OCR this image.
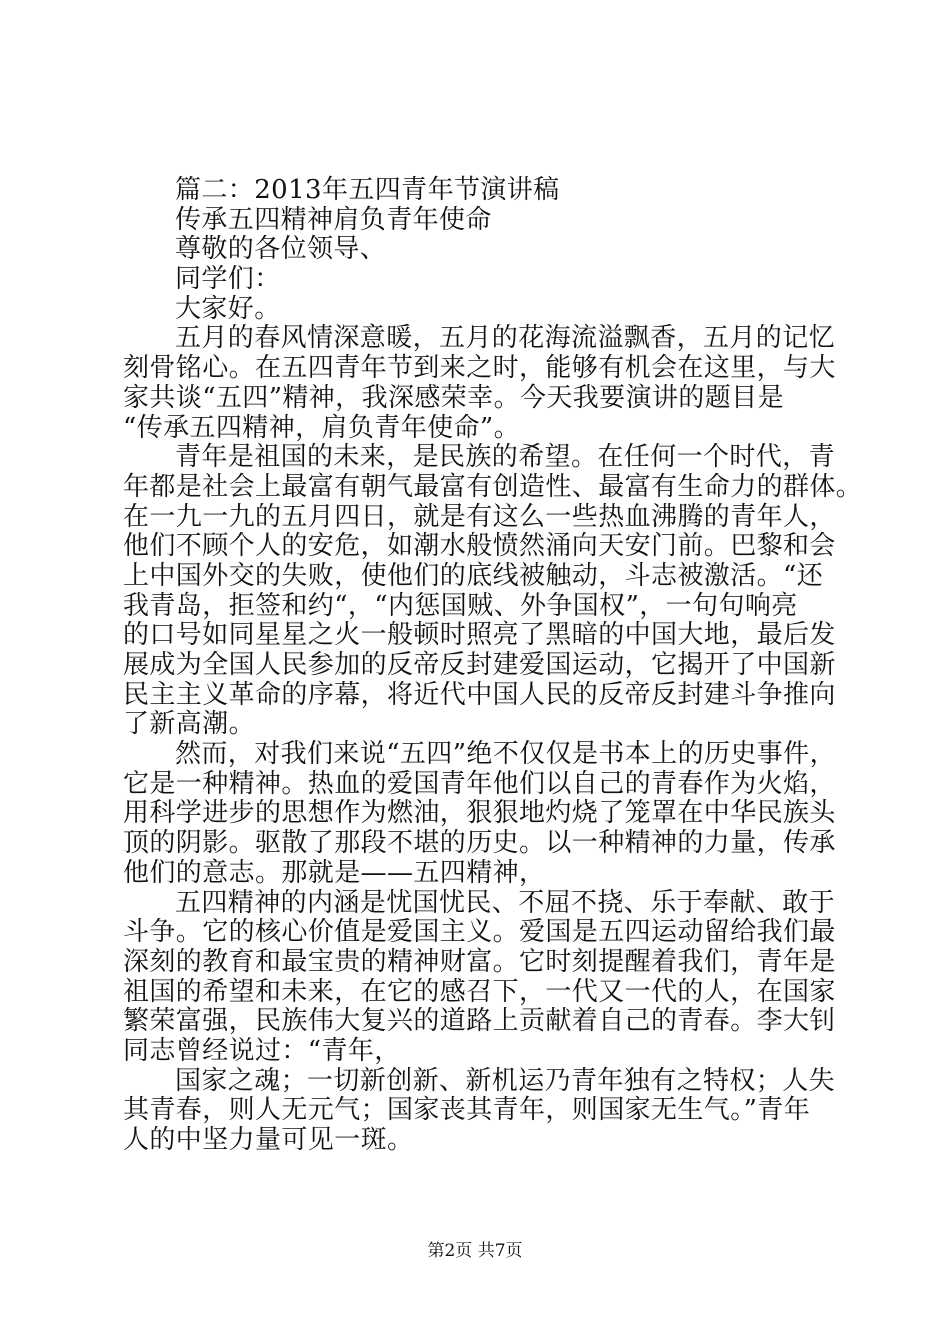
篇二：2013年五四青年节演讲稿
传承五四精神肩负青年使命
尊敬的各位领导、
同学们：
大家好。
五月的春风情深意暖，五月的花海流溢飘香，五月的记忆
刻骨铭心。在五四青年节到来之时，能够有机会在这里，与大
家共谈“五四”精神，我深感荣幸。今天我要演讲的题目是
“传承五四精神，肩负青年使命”。
青年是祖国的未来，是民族的希望。在任何一个时代，青
年都是社会上最富有朝气最富有创造性、最富有生命力的群体。
在一九一九的五月四日，就是有这么一些热血沸腾的青年人，
他们不顾个人的安危，如潮水般愤然涌向天安门前。巴黎和会
上中国外交的失败，使他们的底线被触动，斗志被激活。“还
我青岛，拒签和约“，“内惩国贼、外争国权”，一句句响亮
的口号如同星星之火一般顿时照亮了黑暗的中国大地，最后发
展成为全国人民参加的反帝反封建爱国运动，它揭开了中国新
民主主义革命的序幕，将近代中国人民的反帝反封建斗争推向
了新高潮。
然而，对我们来说“五四”绝不仅仅是书本上的历史事件，
它是一种精神。热血的爱国青年他们以自己的青春作为火焰，
用科学进步的思想作为燃油，狠狠地灼烧了笼罩在中华民族头
顶的阴影。驱散了那段不堪的历史。以一种精神的力量，传承
他们的意志。那就是——五四精神，
五四精神的内涵是忧国忧民、不屈不挠、乐于奉献、敢于
斗争。它的核心价值是爱国主义。爱国是五四运动留给我们最
深刻的教育和最宝贵的精神财富。它时刻提醒着我们，青年是
祖国的希望和未来，在它的感召下，一代又一代的人，在国家
繁荣富强，民族伟大复兴的道路上贡献着自己的青春。李大钊
同志曾经说过：“青年，
国家之魂；一切新创新、新机运乃青年独有之特权；人失
其青春，则人无元气；国家丧其青年，则国家无生气。”青年
人的中坚力量可见一斑。
第2页 共7页
